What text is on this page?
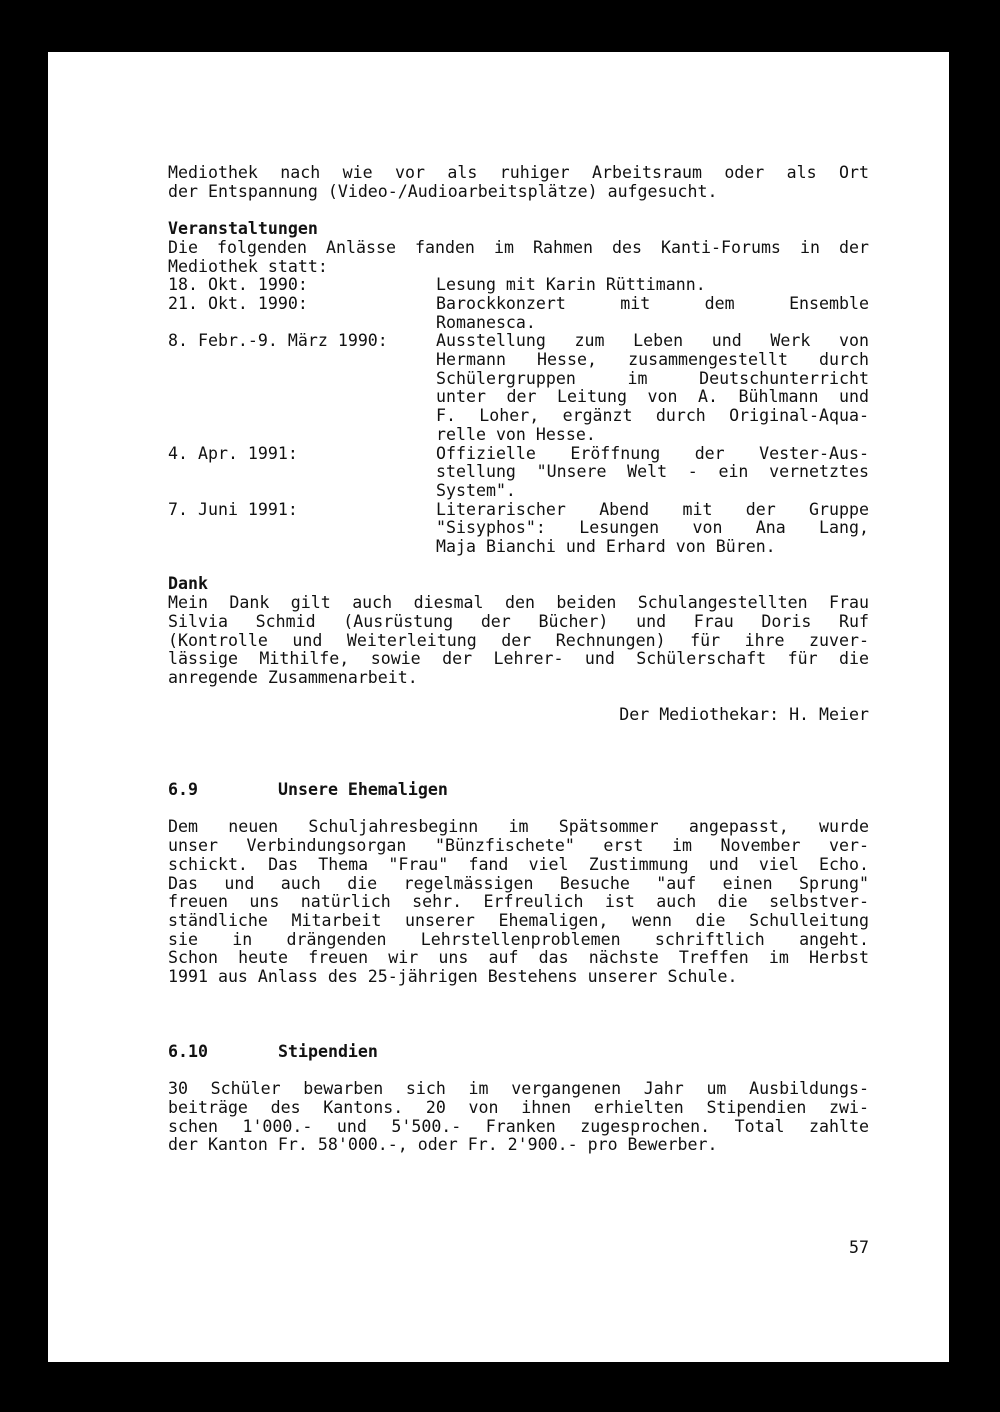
Mediothek nach wie vor als ruhiger Arbeitsraum oder als Ort
der Entspannung (Video-/Audioarbeitsplätze) aufgesucht.
Veranstaltungen
Die folgenden Anlässe fanden im Rahmen des Kanti-Forums in der
Mediothek statt:
18. Okt. 1990:	Lesung mit Karin Rüttimann.
21. Okt. 1990:	Barockkonzert mit dem Ensemble
Romanesca.
8. Febr.-9. März 1990:	Ausstellung zum Leben und Werk von
Hermann Hesse, zusammengestellt durch
Schülergruppen im Deutschunterricht
unter der Leitung von A. Bühlmann und
F. Loher, ergänzt durch Original-Aqua-
relle von Hesse.
4. Apr. 1991:	Offizielle Eröffnung der Vester-Aus-
stellung "Unsere Welt - ein vernetztes
System".
7. Juni 1991:	Literarischer Abend mit der Gruppe
"Sisyphos": Lesungen von Ana Lang,
Maja Bianchi und Erhard von Büren.
Dank
Mein Dank gilt auch diesmal den beiden Schulangestellten Frau
Silvia Schmid (Ausrüstung der Bücher) und Frau Doris Ruf
(Kontrolle und Weiterleitung der Rechnungen) für ihre zuver-
lässige Mithilfe, sowie der Lehrer- und Schülerschaft für die
anregende Zusammenarbeit.
Der Mediothekar: H. Meier
6.9	Unsere Ehemaligen
Dem neuen Schuljahresbeginn im Spätsommer angepasst, wurde
unser Verbindungsorgan "Bünzfischete" erst im November ver-
schickt. Das Thema "Frau" fand viel Zustimmung und viel Echo.
Das und auch die regelmässigen Besuche "auf einen Sprung"
freuen uns natürlich sehr. Erfreulich ist auch die selbstver-
ständliche Mitarbeit unserer Ehemaligen, wenn die Schulleitung
sie in drängenden Lehrstellenproblemen schriftlich angeht.
Schon heute freuen wir uns auf das nächste Treffen im Herbst
1991 aus Anlass des 25-jährigen Bestehens unserer Schule.
6.10	Stipendien
30 Schüler bewarben sich im vergangenen Jahr um Ausbildungs-
beiträge des Kantons. 20 von ihnen erhielten Stipendien zwi-
schen 1'000.- und 5'500.- Franken zugesprochen. Total zahlte
der Kanton Fr. 58'000.-, oder Fr. 2'900.- pro Bewerber.
57
